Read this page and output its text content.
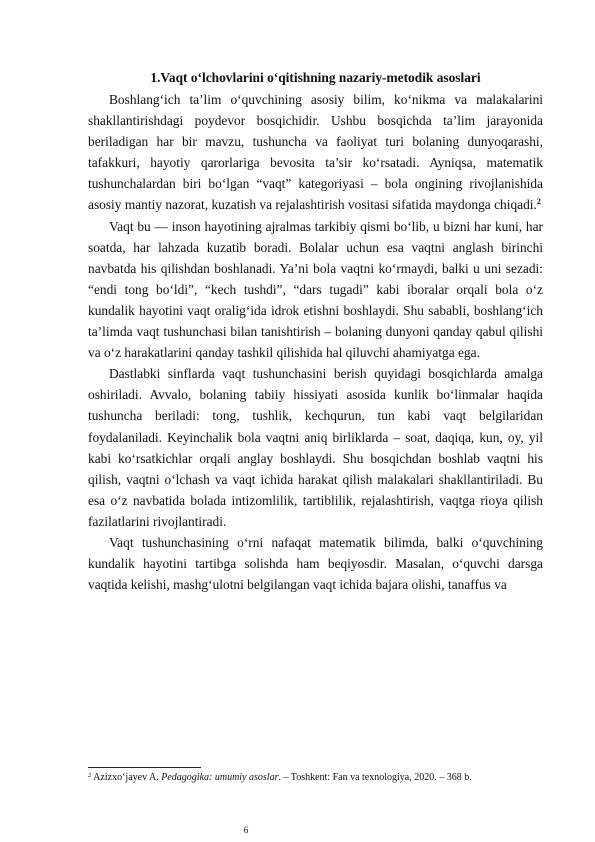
1.Vaqt o‘lchovlarini o‘qitishning nazariy-metodik asoslari

Boshlang‘ich ta’lim o‘quvchining asosiy bilim, ko‘nikma va malakalarini shakllantirishdagi poydevor bosqichidir. Ushbu bosqichda ta’lim jarayonida beriladigan har bir mavzu, tushuncha va faoliyat turi bolaning dunyoqarashi, tafakkuri, hayotiy qarorlariga bevosita ta’sir ko‘rsatadi. Ayniqsa, matematik tushunchalardan biri bo‘lgan “vaqt” kategoriyasi – bola ongining rivojlanishida asosiy mantiy nazorat, kuzatish va rejalashtirish vositasi sifatida maydonga chiqadi.$^2$

Vaqt bu — inson hayotining ajralmas tarkibiy qismi bo‘lib, u bizni har kuni, har soatda, har lahzada kuzatib boradi. Bolalar uchun esa vaqtni anglash birinchi navbatda his qilishdan boshlanadi. Ya’ni bola vaqtni ko‘rmaydi, balki u uni sezadi: “endi tong bo‘ldi”, “kech tushdi”, “dars tugadi” kabi iboralar orqali bola o‘z kundalik hayotini vaqt oralig‘ida idrok etishni boshlaydi. Shu sababli, boshlang‘ich ta’limda vaqt tushunchasi bilan tanishtirish – bolaning dunyoni qanday qabul qilishi va o‘z harakatlarini qanday tashkil qilishida hal qiluvchi ahamiyatga ega.

Dastlabki sinflarda vaqt tushunchasini berish quyidagi bosqichlarda amalga oshiriladi. Avvalo, bolaning tabiiy hissiyati asosida kunlik bo‘linmalar haqida tushuncha beriladi: tong, tushlik, kechqurun, tun kabi vaqt belgilaridan foydalaniladi. Keyinchalik bola vaqtni aniq birliklarda – soat, daqiqa, kun, oy, yil kabi ko‘rsatkichlar orqali anglay boshlaydi. Shu bosqichdan boshlab vaqtni his qilish, vaqtni o‘lchash va vaqt ichida harakat qilish malakalari shakllantiriladi. Bu esa o‘z navbatida bolada intizomlilik, tartiblilik, rejalashtirish, vaqtga rioya qilish fazilatlarini rivojlantiradi.

Vaqt tushunchasining o‘rni nafaqat matematik bilimda, balki o‘quvchining kundalik hayotini tartibga solishda ham beqiyosdir. Masalan, o‘quvchi darsga vaqtida kelishi, mashg‘ulotni belgilangan vaqt ichida bajara olishi, tanaffus va

$^2$ Azizxo‘jayev A. Pedagogika: umumiy asoslar. – Toshkent: Fan va texnologiya, 2020. – 368 b.

6
